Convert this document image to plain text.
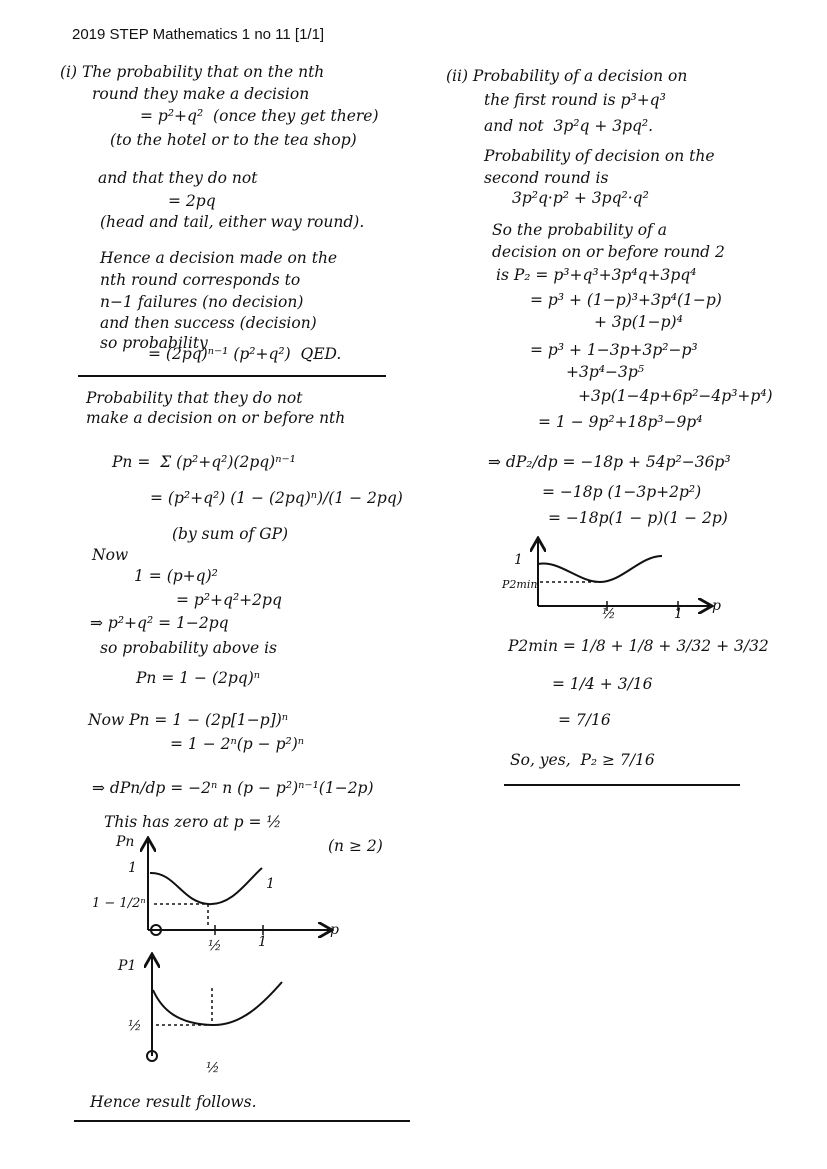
2019 STEP Mathematics 1 no 11 [1/1]
(i) The probability that on the nth
round they make a decision
= p²+q²  (once they get there)
(to the hotel or to the tea shop)
and that they do not
= 2pq
(head and tail, either way round).
Hence a decision made on the
nth round corresponds to
n−1 failures (no decision)
and then success (decision)
so probability
= (2pq)ⁿ⁻¹ (p²+q²)  QED.
Probability that they do not
make a decision on or before nth
Pn =  Σ (p²+q²)(2pq)ⁿ⁻¹
= (p²+q²) (1 − (2pq)ⁿ)/(1 − 2pq)
(by sum of GP)
Now
1 = (p+q)²
= p²+q²+2pq
⇒ p²+q² = 1−2pq
so probability above is
Pn = 1 − (2pq)ⁿ
Now Pn = 1 − (2p[1−p])ⁿ
= 1 − 2ⁿ(p − p²)ⁿ
⇒ dPn/dp = −2ⁿ n (p − p²)ⁿ⁻¹(1−2p)
This has zero at p = ½
(n ≥ 2)
Pn
1
1 − 1/2ⁿ
1
½	1
p
P1
½
½
Hence result follows.
(ii) Probability of a decision on
the first round is p³+q³
and not  3p²q + 3pq².
Probability of decision on the
second round is
3p²q·p² + 3pq²·q²
So the probability of a
decision on or before round 2
is P₂ = p³+q³+3p⁴q+3pq⁴
= p³ + (1−p)³+3p⁴(1−p)
+ 3p(1−p)⁴
= p³ + 1−3p+3p²−p³
+3p⁴−3p⁵
+3p(1−4p+6p²−4p³+p⁴)
= 1 − 9p²+18p³−9p⁴
⇒ dP₂/dp = −18p + 54p²−36p³
= −18p (1−3p+2p²)
= −18p(1 − p)(1 − 2p)
1
P2min
½	1 p
P2min = 1/8 + 1/8 + 3/32 + 3/32
= 1/4 + 3/16
= 7/16
So, yes,  P₂ ≥ 7/16
